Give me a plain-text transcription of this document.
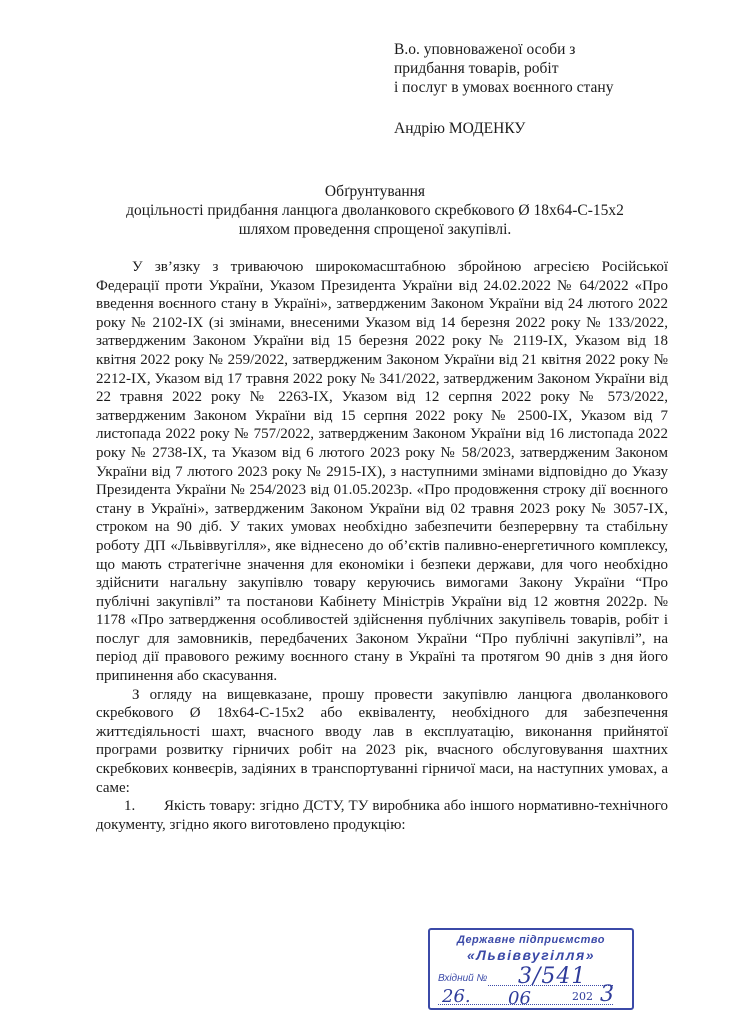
В.о. уповноваженої особи з
придбання товарів, робіт
і послуг в умовах воєнного стану
Андрію МОДЕНКУ
Обґрунтування
доцільності придбання ланцюга дволанкового скребкового Ø 18х64-С-15х2
шляхом проведення спрощеної закупівлі.

У зв’язку з триваючою широкомасштабною збройною агресією Російської Федерації проти України, Указом Президента України від 24.02.2022 № 64/2022 «Про введення воєнного стану в Україні», затвердженим Законом України від 24 лютого 2022 року № 2102-IX (зі змінами, внесеними Указом від 14 березня 2022 року № 133/2022, затвердженим Законом України від 15 березня 2022 року № 2119-IX, Указом від 18 квітня 2022 року № 259/2022, затвердженим Законом України від 21 квітня 2022 року № 2212-IX, Указом від 17 травня 2022 року № 341/2022, затвердженим Законом України від 22 травня 2022 року № 2263-IX, Указом від 12 серпня 2022 року № 573/2022, затвердженим Законом України від 15 серпня 2022 року № 2500-IX, Указом від 7 листопада 2022 року № 757/2022, затвердженим Законом України від 16 листопада 2022 року № 2738-IX, та Указом від 6 лютого 2023 року № 58/2023, затвердженим Законом України від 7 лютого 2023 року № 2915-IX), з наступними змінами відповідно до Указу Президента України № 254/2023 від 01.05.2023р. «Про продовження строку дії воєнного стану в Україні», затвердженим Законом України від 02 травня 2023 року № 3057-IX, строком на 90 діб. У таких умовах необхідно забезпечити безперервну та стабільну роботу ДП «Львіввугілля», яке віднесено до об’єктів паливно-енергетичного комплексу, що мають стратегічне значення для економіки і безпеки держави, для чого необхідно здійснити нагальну закупівлю товару керуючись вимогами Закону України “Про публічні закупівлі” та постанови Кабінету Міністрів України від 12 жовтня 2022р. № 1178 «Про затвердження особливостей здійснення публічних закупівель товарів, робіт і послуг для замовників, передбачених Законом України “Про публічні закупівлі”, на період дії правового режиму воєнного стану в Україні та протягом 90 днів з дня його припинення або скасування.

З огляду на вищевказане, прошу провести закупівлю ланцюга дволанкового скребкового Ø 18х64-С-15х2 або еквіваленту, необхідного для забезпечення життєдіяльності шахт, вчасного вводу лав в експлуатацію, виконання прийнятої програми розвитку гірничих робіт на 2023 рік, вчасного обслуговування шахтних скребкових конвеєрів, задіяних в транспортуванні гірничої маси, на наступних умовах, а саме:

1. Якість товару: згідно ДСТУ, ТУ виробника або іншого нормативно-технічного документу, згідно якого виготовлено продукцію:

Державне підприємство
«Львіввугілля»
Вхідний № 3/541
26. 06	202 3
